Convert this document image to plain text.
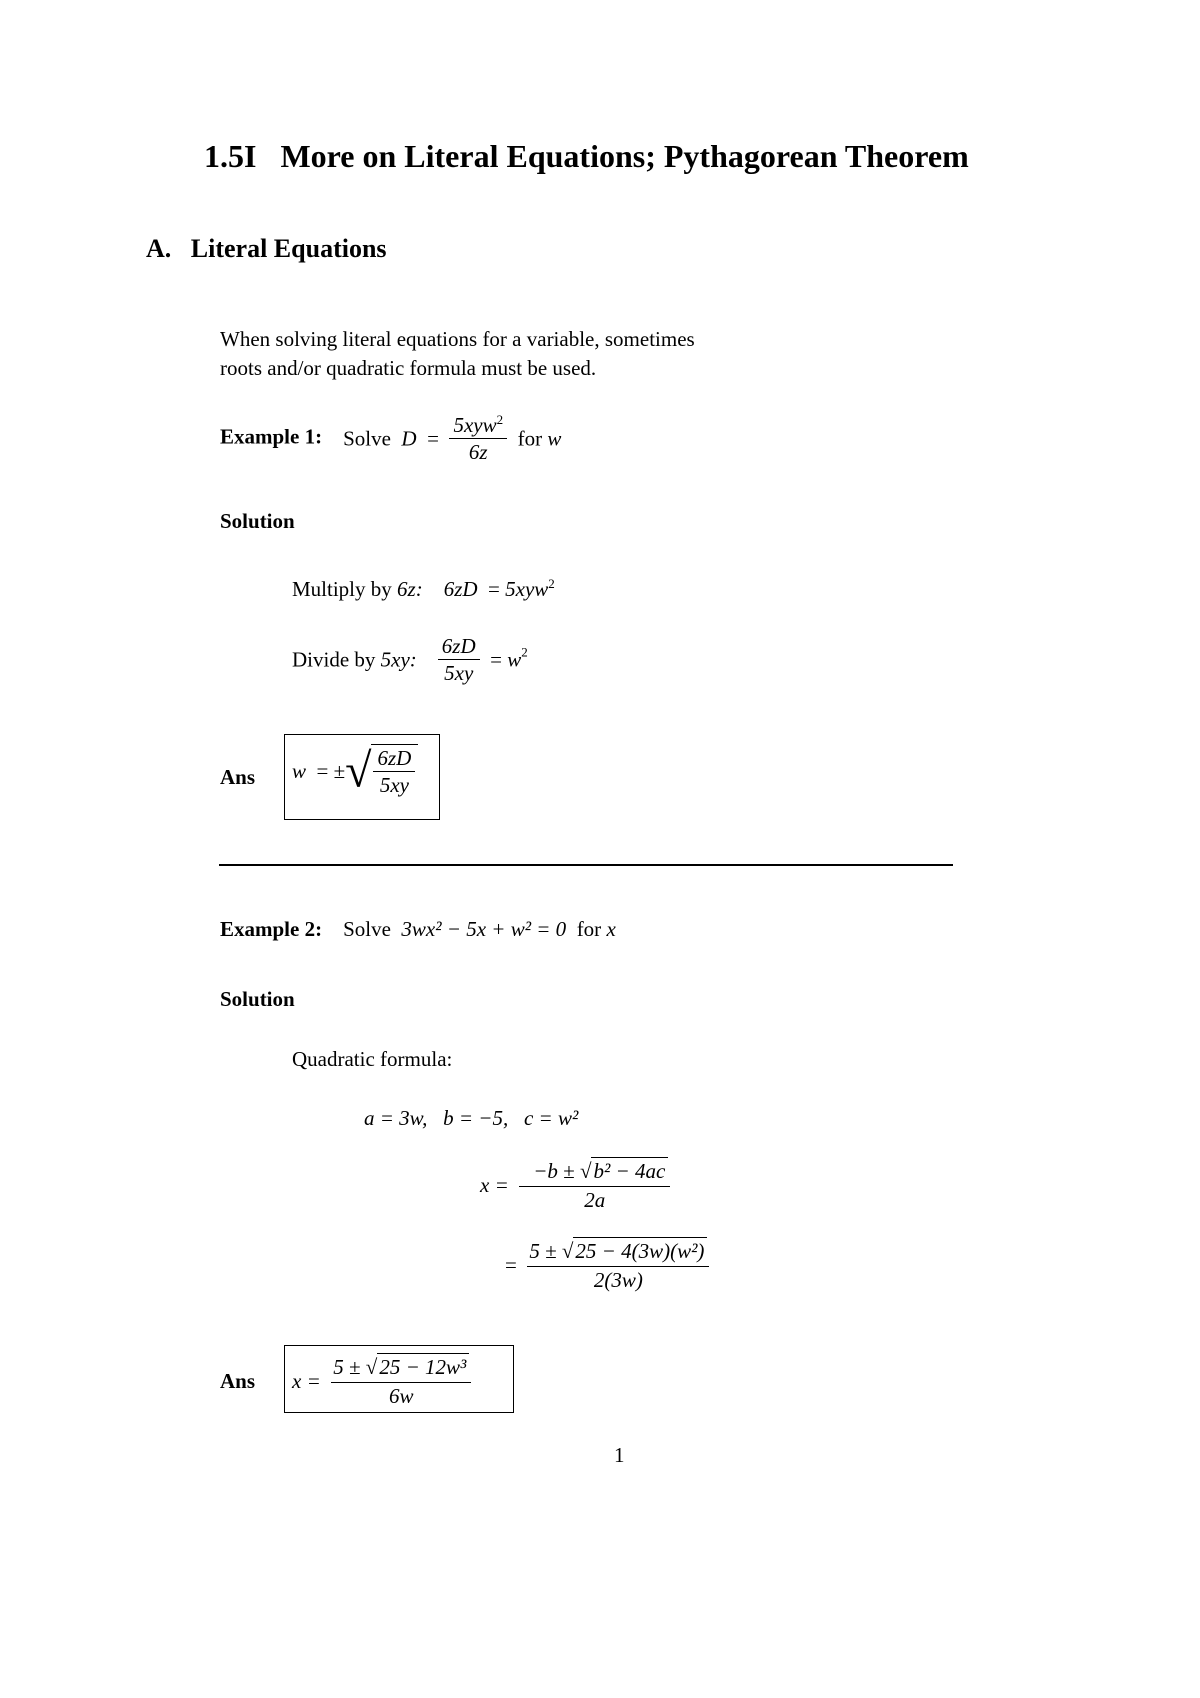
1.5I More on Literal Equations; Pythagorean Theorem
A. Literal Equations
When solving literal equations for a variable, sometimes
roots and/or quadratic formula must be used.
Example 1: Solve $D = \frac{5xyw^2}{6z}$ for w
Solution
Multiply by 6z: 6zD  = 5xyw$^2$
Divide by 5xy: $\frac{6zD}{5xy} = w^2$
Ans w  = ±√ $\frac{6zD}{5xy}$
Example 2: Solve 3wx² − 5x + w² = 0 for x
Solution
Quadratic formula:
a = 3w,   b = −5,   c = w²
$x = \frac{\text{−b ± √b² − 4ac}}{2a}$
= $\frac{\text{5 ± √25 − 4(3w)(w²)}}{2(3w)}$
Ans $x = \frac{\text{5 ± √25 − 12w³}}{6w}$
1
